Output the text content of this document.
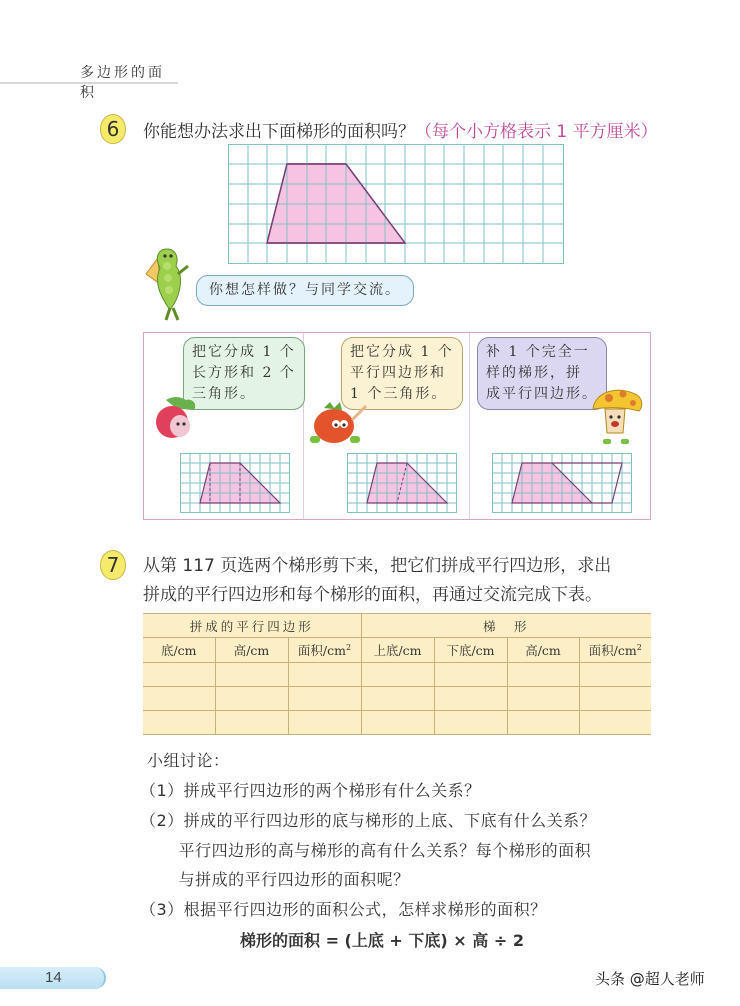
多边形的面积
6	你能想办法求出下面梯形的面积吗？（每个小方格表示 1 平方厘米）
你想怎样做？与同学交流。
把它分成 1 个
长方形和 2 个
三角形。
把它分成 1 个
平行四边形和
1 个三角形。
补 1 个完全一
样的梯形，拼
成平行四边形。
7	从第 117 页选两个梯形剪下来，把它们拼成平行四边形，求出
拼成的平行四边形和每个梯形的面积，再通过交流完成下表。
拼成的平行四边形			梯　形			
底/cm	高/cm	面积$/cm^2$	上底/cm	下底/cm	高/cm	面积$/cm^2$

小组讨论：
（1）拼成平行四边形的两个梯形有什么关系？
（2）拼成的平行四边形的底与梯形的上底、下底有什么关系？
　　 平行四边形的高与梯形的高有什么关系？每个梯形的面积
　　 与拼成的平行四边形的面积呢？
（3）根据平行四边形的面积公式，怎样求梯形的面积？
梯形的面积 = (上底 + 下底) × 高 ÷ 2
14	头条 @超人老师
